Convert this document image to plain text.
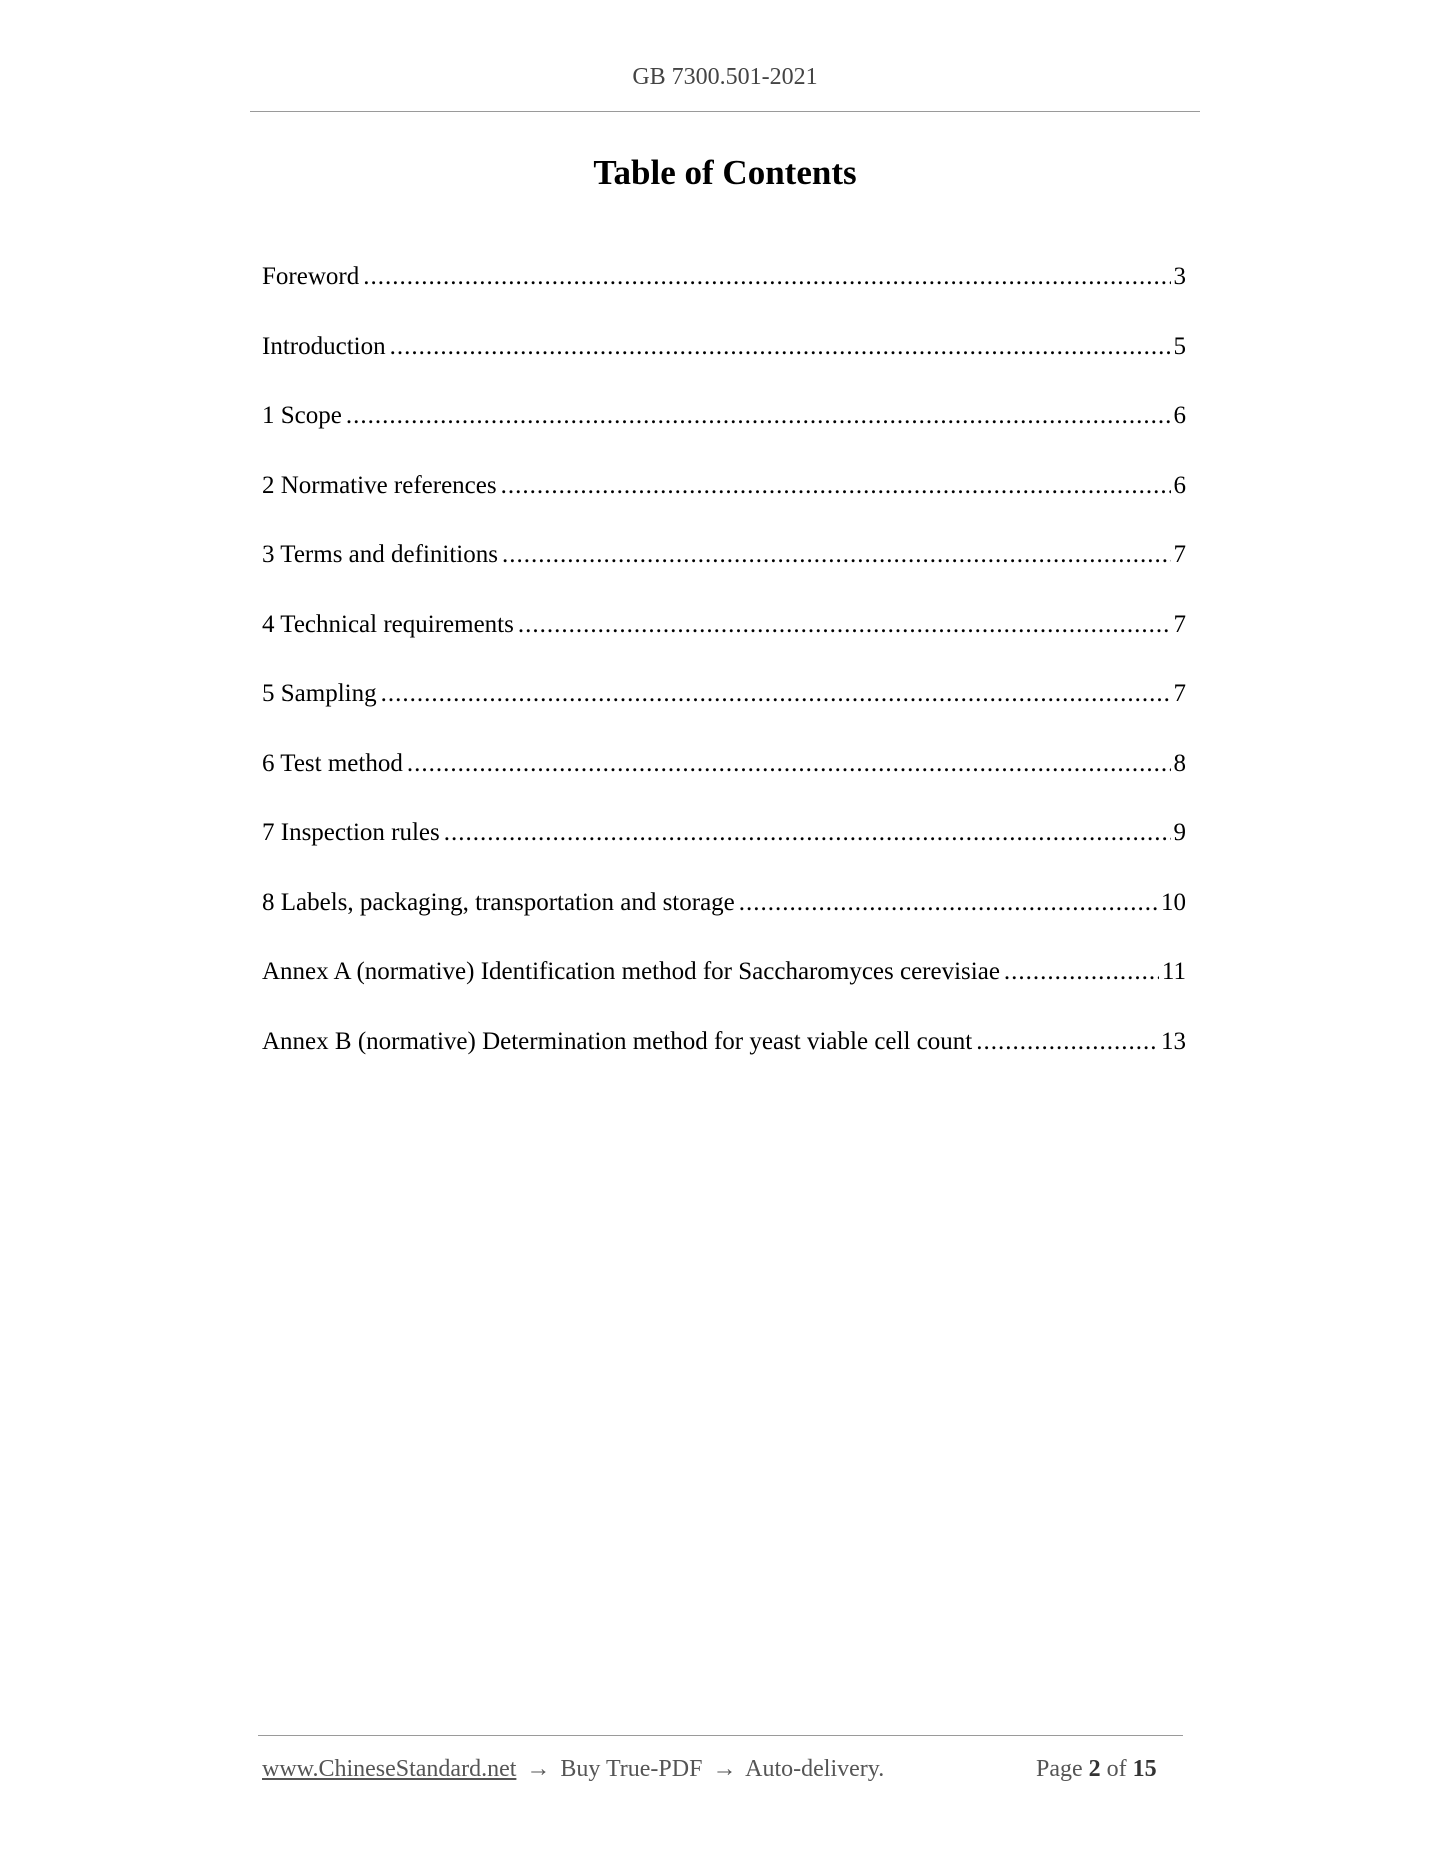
GB 7300.501-2021
Table of Contents
Foreword .....	3
Introduction .....	5
1 Scope .....	6
2 Normative references .....	6
3 Terms and definitions .....	7
4 Technical requirements .....	7
5 Sampling .....	7
6 Test method .....	8
7 Inspection rules .....	9
8 Labels, packaging, transportation and storage .....	10
Annex A (normative) Identification method for Saccharomyces cerevisiae .....	11
Annex B (normative) Determination method for yeast viable cell count .....	13
www.ChineseStandard.net → Buy True-PDF → Auto-delivery.	Page 2 of 15
